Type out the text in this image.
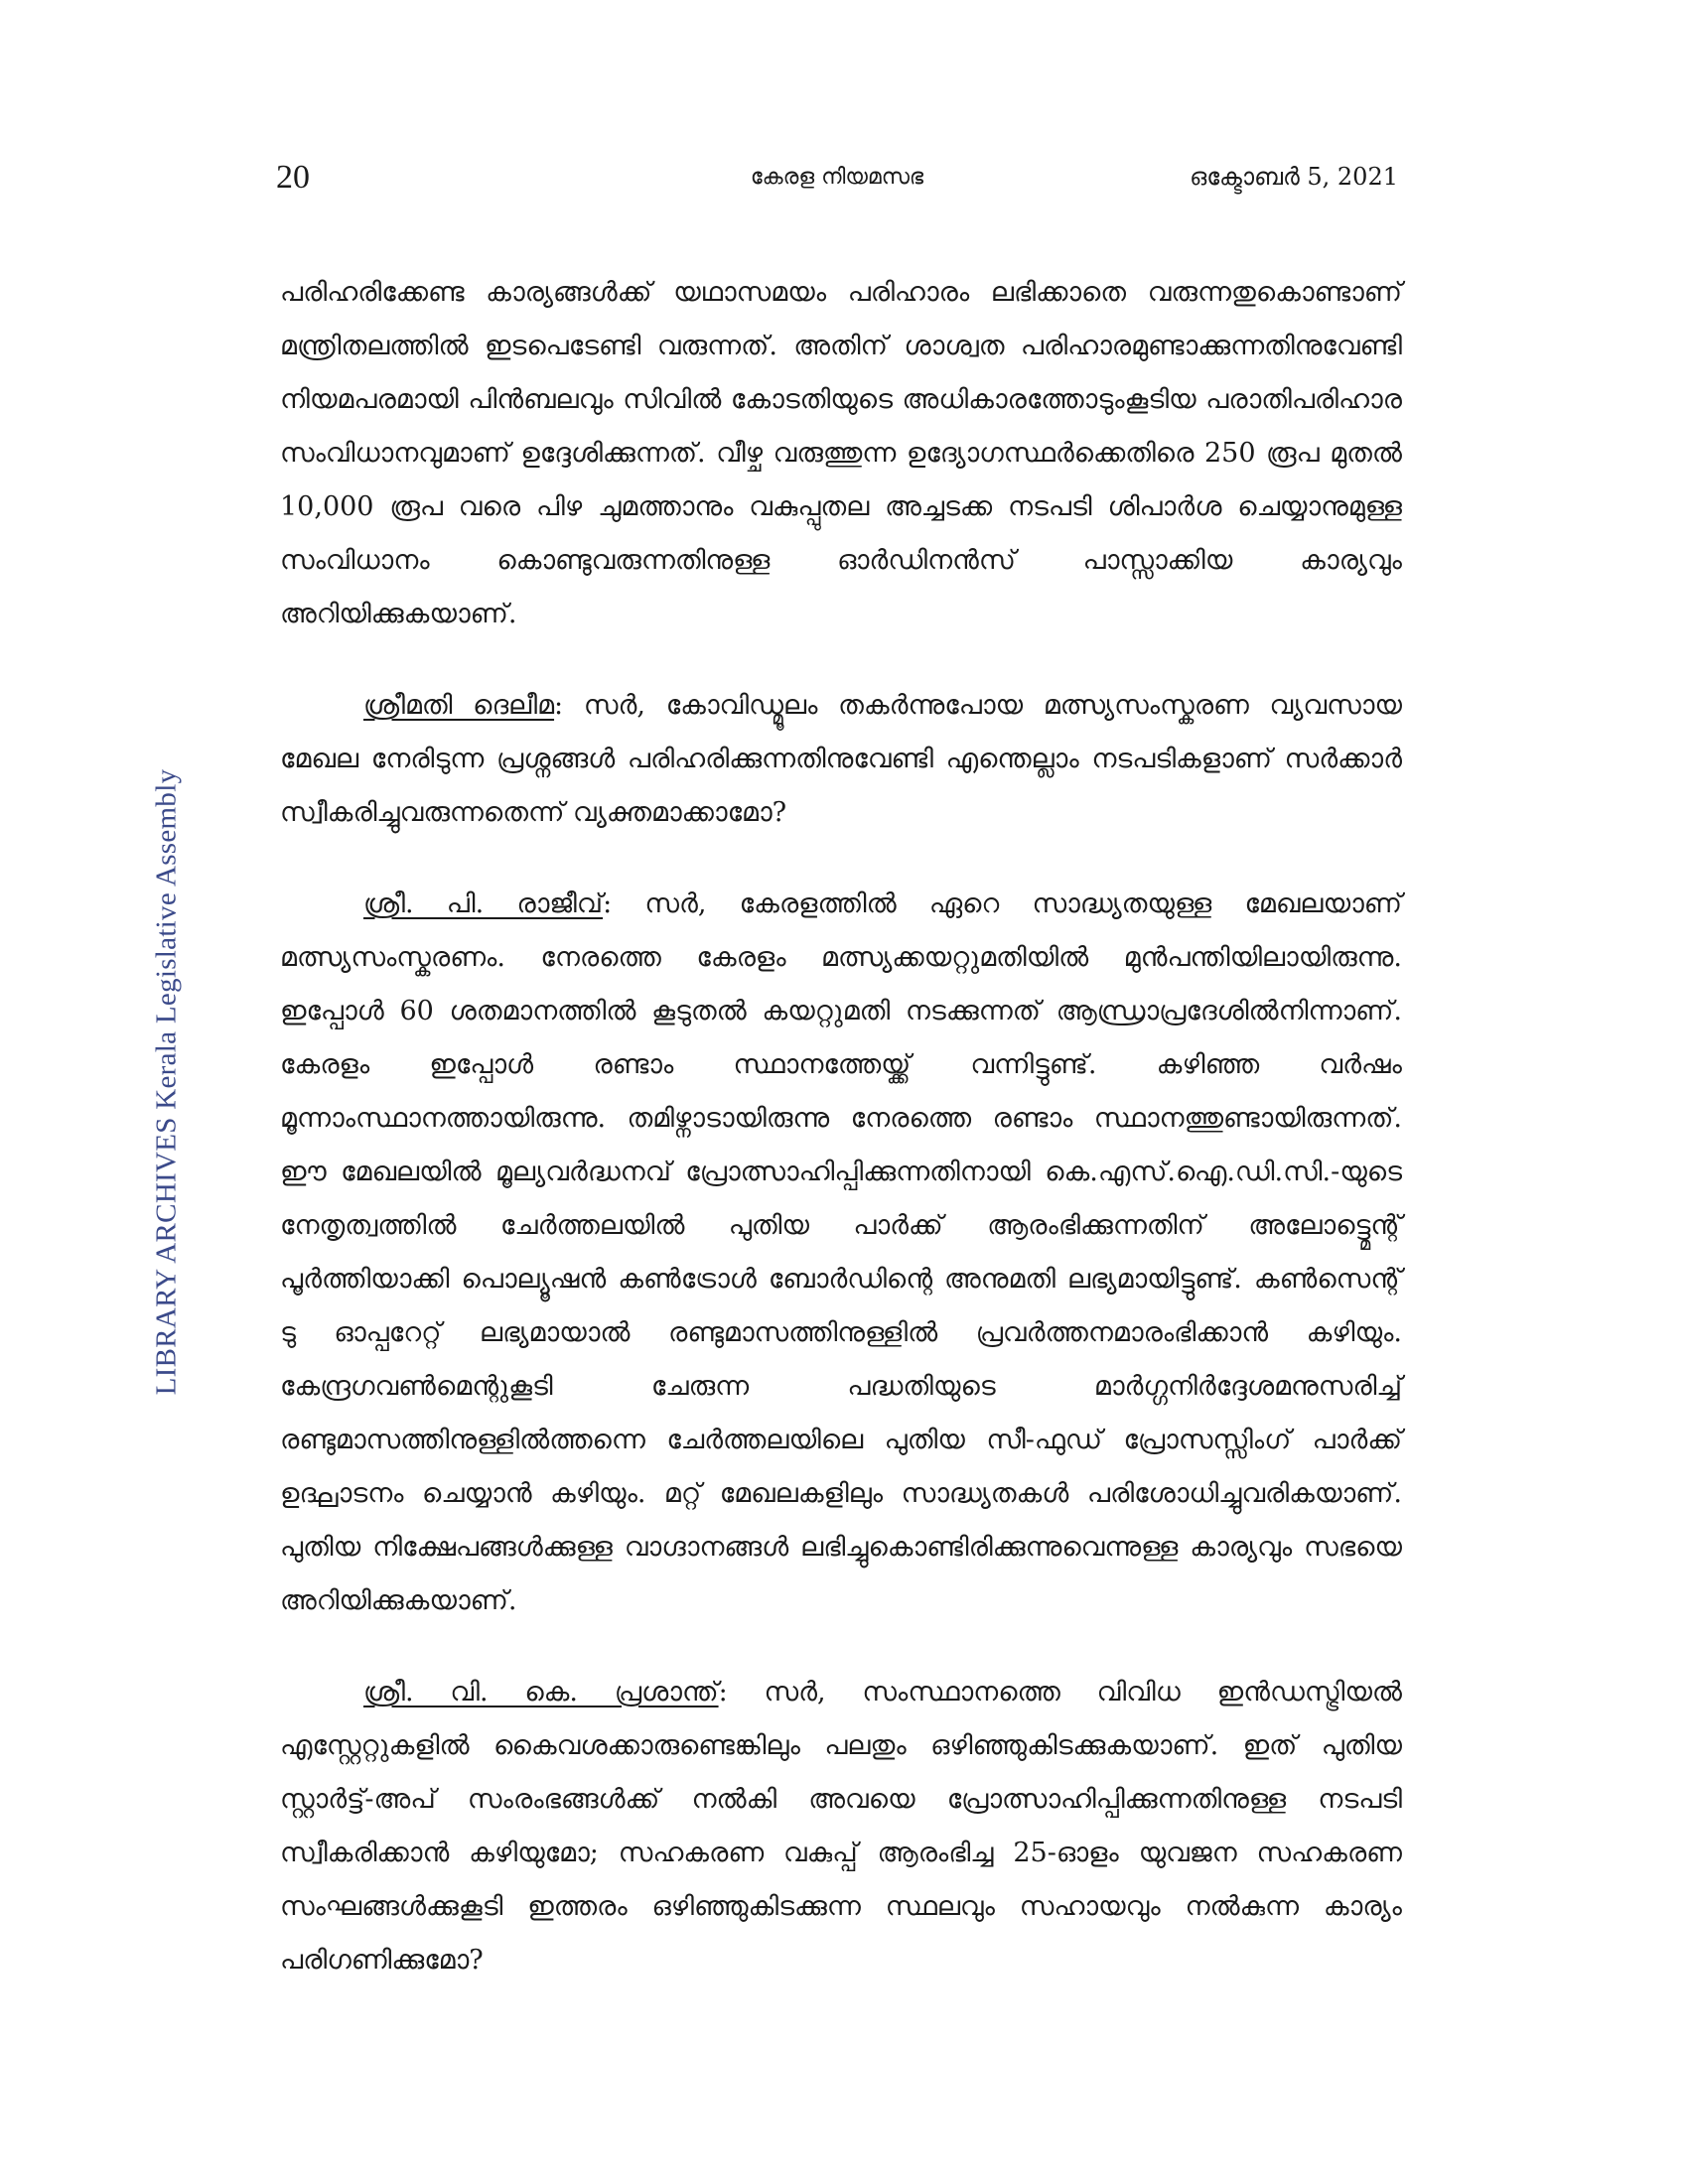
LIBRARY ARCHIVES Kerala Legislative Assembly
20	കേരള നിയമസഭ	ഒക്ടോബർ 5, 2021

പരിഹരിക്കേണ്ട കാര്യങ്ങൾക്ക് യഥാസമയം പരിഹാരം ലഭിക്കാതെ വരുന്നതുകൊണ്ടാണ് മന്ത്രിതലത്തിൽ ഇടപെടേണ്ടി വരുന്നത്. അതിന് ശാശ്വത പരിഹാരമുണ്ടാക്കുന്നതിനുവേണ്ടി നിയമപരമായി പിൻബലവും സിവിൽ കോടതിയുടെ അധികാരത്തോടുംകൂടിയ പരാതിപരിഹാര സംവിധാനവുമാണ് ഉദ്ദേശിക്കുന്നത്. വീഴ്ച വരുത്തുന്ന ഉദ്യോഗസ്ഥർക്കെതിരെ 250 രൂപ മുതൽ 10,000 രൂപ വരെ പിഴ ചുമത്താനും വകുപ്പുതല അച്ചടക്ക നടപടി ശിപാർശ ചെയ്യാനുമുള്ള സംവിധാനം കൊണ്ടുവരുന്നതിനുള്ള ഓർഡിനൻസ് പാസ്സാക്കിയ കാര്യവും അറിയിക്കുകയാണ്.

ശ്രീമതി ദെലീമ: സർ, കോവിഡ്മൂലം തകർന്നുപോയ മത്സ്യസംസ്കരണ വ്യവസായ മേഖല നേരിടുന്ന പ്രശ്നങ്ങൾ പരിഹരിക്കുന്നതിനുവേണ്ടി എന്തെല്ലാം നടപടികളാണ് സർക്കാർ സ്വീകരിച്ചുവരുന്നതെന്ന് വ്യക്തമാക്കാമോ?

ശ്രീ. പി. രാജീവ്: സർ, കേരളത്തിൽ ഏറെ സാദ്ധ്യതയുള്ള മേഖലയാണ് മത്സ്യസംസ്കരണം. നേരത്തെ കേരളം മത്സ്യക്കയറ്റുമതിയിൽ മുൻപന്തിയിലായിരുന്നു. ഇപ്പോൾ 60 ശതമാനത്തിൽ കൂടുതൽ കയറ്റുമതി നടക്കുന്നത് ആന്ധ്രാപ്രദേശിൽനിന്നാണ്. കേരളം ഇപ്പോൾ രണ്ടാം സ്ഥാനത്തേയ്ക്ക് വന്നിട്ടുണ്ട്. കഴിഞ്ഞ വർഷം മൂന്നാംസ്ഥാനത്തായിരുന്നു. തമിഴ്നാടായിരുന്നു നേരത്തെ രണ്ടാം സ്ഥാനത്തുണ്ടായിരുന്നത്. ഈ മേഖലയിൽ മൂല്യവർദ്ധനവ് പ്രോത്സാഹിപ്പിക്കുന്നതിനായി കെ.എസ്.ഐ.ഡി.സി.-യുടെ നേതൃത്വത്തിൽ ചേർത്തലയിൽ പുതിയ പാർക്ക് ആരംഭിക്കുന്നതിന് അലോട്ട്മെന്റ് പൂർത്തിയാക്കി പൊല്യൂഷൻ കൺട്രോൾ ബോർഡിന്റെ അനുമതി ലഭ്യമായിട്ടുണ്ട്. കൺസെന്റ് ടു ഓപ്പറേറ്റ് ലഭ്യമായാൽ രണ്ടുമാസത്തിനുള്ളിൽ പ്രവർത്തനമാരംഭിക്കാൻ കഴിയും. കേന്ദ്രഗവൺമെന്റുകൂടി ചേരുന്ന പദ്ധതിയുടെ മാർഗ്ഗനിർദ്ദേശമനുസരിച്ച് രണ്ടുമാസത്തിനുള്ളിൽത്തന്നെ ചേർത്തലയിലെ പുതിയ സീ-ഫുഡ് പ്രോസസ്സിംഗ് പാർക്ക് ഉദ്ഘാടനം ചെയ്യാൻ കഴിയും. മറ്റ് മേഖലകളിലും സാദ്ധ്യതകൾ പരിശോധിച്ചുവരികയാണ്. പുതിയ നിക്ഷേപങ്ങൾക്കുള്ള വാഗ്ദാനങ്ങൾ ലഭിച്ചുകൊണ്ടിരിക്കുന്നുവെന്നുള്ള കാര്യവും സഭയെ അറിയിക്കുകയാണ്.

ശ്രീ. വി. കെ. പ്രശാന്ത്: സർ, സംസ്ഥാനത്തെ വിവിധ ഇൻഡസ്ട്രിയൽ എസ്റ്റേറ്റുകളിൽ കൈവശക്കാരുണ്ടെങ്കിലും പലതും ഒഴിഞ്ഞുകിടക്കുകയാണ്. ഇത് പുതിയ സ്റ്റാർട്ട്-അപ് സംരംഭങ്ങൾക്ക് നൽകി അവയെ പ്രോത്സാഹിപ്പിക്കുന്നതിനുള്ള നടപടി സ്വീകരിക്കാൻ കഴിയുമോ; സഹകരണ വകുപ്പ് ആരംഭിച്ച 25-ഓളം യുവജന സഹകരണ സംഘങ്ങൾക്കുകൂടി ഇത്തരം ഒഴിഞ്ഞുകിടക്കുന്ന സ്ഥലവും സഹായവും നൽകുന്ന കാര്യം പരിഗണിക്കുമോ?
